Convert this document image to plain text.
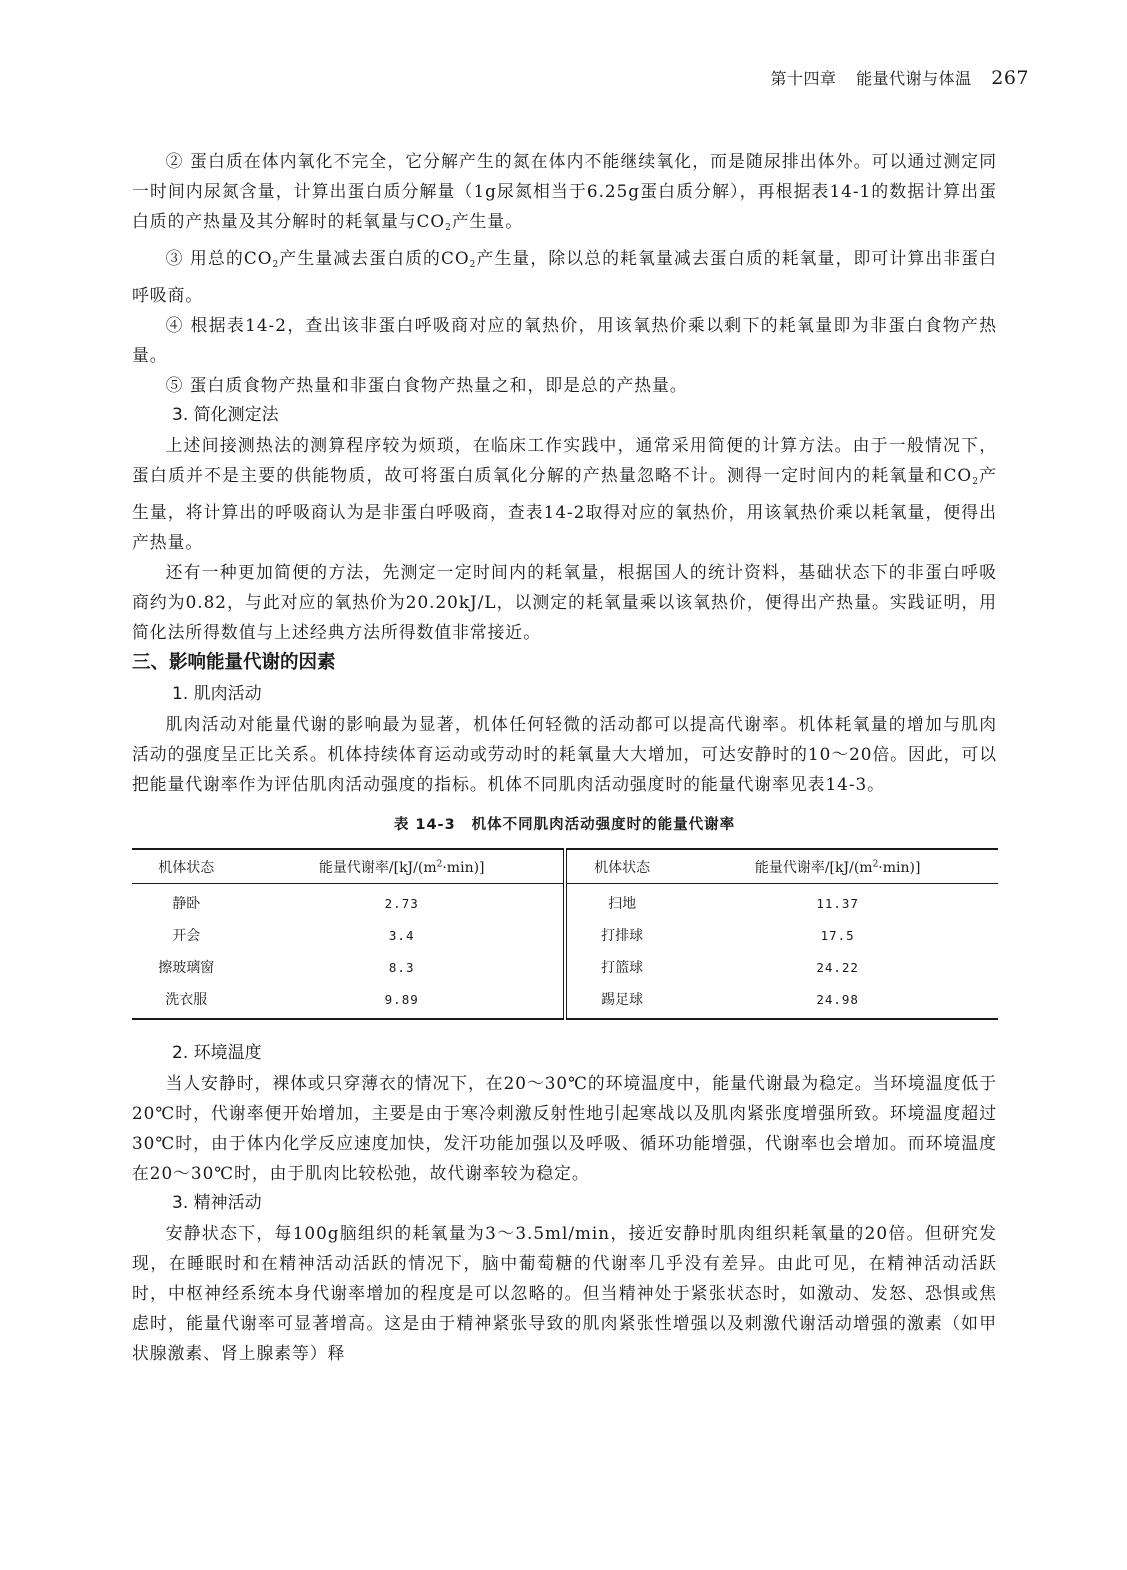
第十四章 能量代谢与体温 267

② 蛋白质在体内氧化不完全，它分解产生的氮在体内不能继续氧化，而是随尿排出体外。可以通过测定同一时间内尿氮含量，计算出蛋白质分解量（1g尿氮相当于6.25g蛋白质分解），再根据表14-1的数据计算出蛋白质的产热量及其分解时的耗氧量与$CO_2$产生量。

③ 用总的$CO_2$产生量减去蛋白质的$CO_2$产生量，除以总的耗氧量减去蛋白质的耗氧量，即可计算出非蛋白呼吸商。

④ 根据表14-2，查出该非蛋白呼吸商对应的氧热价，用该氧热价乘以剩下的耗氧量即为非蛋白食物产热量。

⑤ 蛋白质食物产热量和非蛋白食物产热量之和，即是总的产热量。

3. 简化测定法

上述间接测热法的测算程序较为烦琐，在临床工作实践中，通常采用简便的计算方法。由于一般情况下，蛋白质并不是主要的供能物质，故可将蛋白质氧化分解的产热量忽略不计。测得一定时间内的耗氧量和$CO_2$产生量，将计算出的呼吸商认为是非蛋白呼吸商，查表14-2取得对应的氧热价，用该氧热价乘以耗氧量，便得出产热量。

还有一种更加简便的方法，先测定一定时间内的耗氧量，根据国人的统计资料，基础状态下的非蛋白呼吸商约为0.82，与此对应的氧热价为20.20kJ/L，以测定的耗氧量乘以该氧热价，便得出产热量。实践证明，用简化法所得数值与上述经典方法所得数值非常接近。

三、影响能量代谢的因素
1. 肌肉活动

肌肉活动对能量代谢的影响最为显著，机体任何轻微的活动都可以提高代谢率。机体耗氧量的增加与肌肉活动的强度呈正比关系。机体持续体育运动或劳动时的耗氧量大大增加，可达安静时的10～20倍。因此，可以把能量代谢率作为评估肌肉活动强度的指标。机体不同肌肉活动强度时的能量代谢率见表14-3。

表 14-3 机体不同肌肉活动强度时的能量代谢率
机体状态	能量代谢率$/[kJ/(m^2\cdot\min)]$	机体状态	能量代谢率$/[kJ/(m^2\cdot\min)]$
静卧	2.73	扫地	11.37
开会	3.4	打排球	17.5
擦玻璃窗	8.3	打篮球	24.22
洗衣服	9.89	踢足球	24.98
2. 环境温度

当人安静时，裸体或只穿薄衣的情况下，在20～30℃的环境温度中，能量代谢最为稳定。当环境温度低于20℃时，代谢率便开始增加，主要是由于寒冷刺激反射性地引起寒战以及肌肉紧张度增强所致。环境温度超过30℃时，由于体内化学反应速度加快，发汗功能加强以及呼吸、循环功能增强，代谢率也会增加。而环境温度在20～30℃时，由于肌肉比较松弛，故代谢率较为稳定。

3. 精神活动

安静状态下，每100g脑组织的耗氧量为3～3.5ml/min，接近安静时肌肉组织耗氧量的20倍。但研究发现，在睡眠时和在精神活动活跃的情况下，脑中葡萄糖的代谢率几乎没有差异。由此可见，在精神活动活跃时，中枢神经系统本身代谢率增加的程度是可以忽略的。但当精神处于紧张状态时，如激动、发怒、恐惧或焦虑时，能量代谢率可显著增高。这是由于精神紧张导致的肌肉紧张性增强以及刺激代谢活动增强的激素（如甲状腺激素、肾上腺素等）释
